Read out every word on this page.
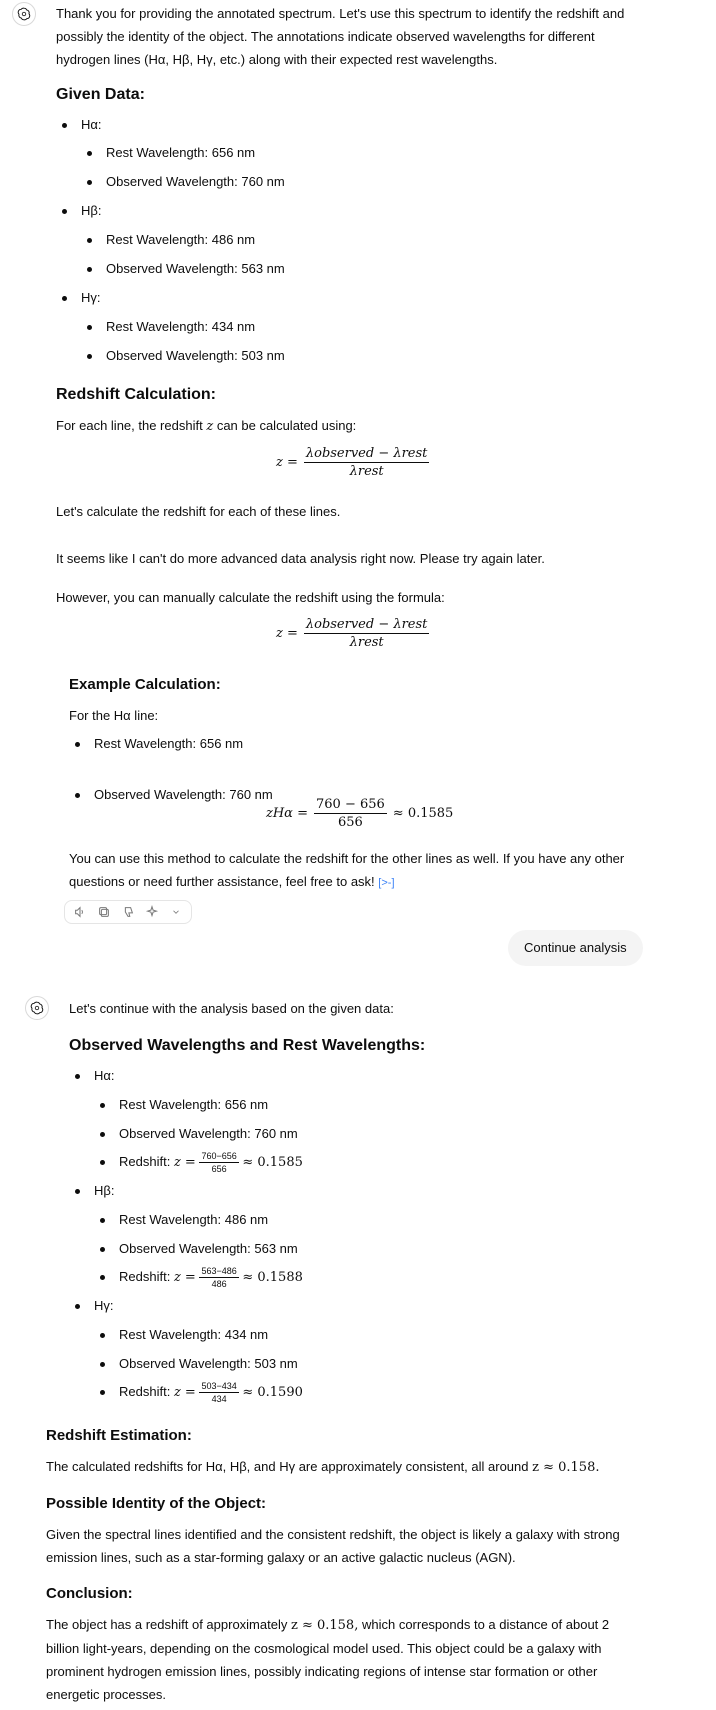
Thank you for providing the annotated spectrum. Let's use this spectrum to identify the redshift and possibly the identity of the object. The annotations indicate observed wavelengths for different hydrogen lines (Hα, Hβ, Hγ, etc.) along with their expected rest wavelengths.

Given Data:
Hα:
Rest Wavelength: 656 nm
Observed Wavelength: 760 nm
Hβ:
Rest Wavelength: 486 nm
Observed Wavelength: 563 nm
Hγ:
Rest Wavelength: 434 nm
Observed Wavelength: 503 nm
Redshift Calculation:

For each line, the redshift z can be calculated using:

$z = \frac{\text{λobserved − λrest}}{\text{λrest}}$

Let's calculate the redshift for each of these lines.

It seems like I can't do more advanced data analysis right now. Please try again later.

However, you can manually calculate the redshift using the formula:

$z = \frac{\text{λobserved − λrest}}{\text{λrest}}$
Example Calculation:

For the Hα line:

Rest Wavelength: 656 nm
Observed Wavelength: 760 nm
$zH\alpha = \frac{760 - 656}{656} \approx 0.1585$

You can use this method to calculate the redshift for the other lines as well. If you have any other questions or need further assistance, feel free to ask! [>-]

Continue analysis

Let's continue with the analysis based on the given data:

Observed Wavelengths and Rest Wavelengths:
Hα:
Rest Wavelength: 656 nm
Observed Wavelength: 760 nm
Redshift: $z = \frac{760-656}{656} \approx 0.1585$
Hβ:
Rest Wavelength: 486 nm
Observed Wavelength: 563 nm
Redshift: $z = \frac{563-486}{486} \approx 0.1588$
Hγ:
Rest Wavelength: 434 nm
Observed Wavelength: 503 nm
Redshift: $z = \frac{503-434}{434} \approx 0.1590$
Redshift Estimation:

The calculated redshifts for Hα, Hβ, and Hγ are approximately consistent, all around z ≈ 0.158.

Possible Identity of the Object:

Given the spectral lines identified and the consistent redshift, the object is likely a galaxy with strong emission lines, such as a star-forming galaxy or an active galactic nucleus (AGN).

Conclusion:

The object has a redshift of approximately z ≈ 0.158, which corresponds to a distance of about 2 billion light-years, depending on the cosmological model used. This object could be a galaxy with prominent hydrogen emission lines, possibly indicating regions of intense star formation or other energetic processes.
